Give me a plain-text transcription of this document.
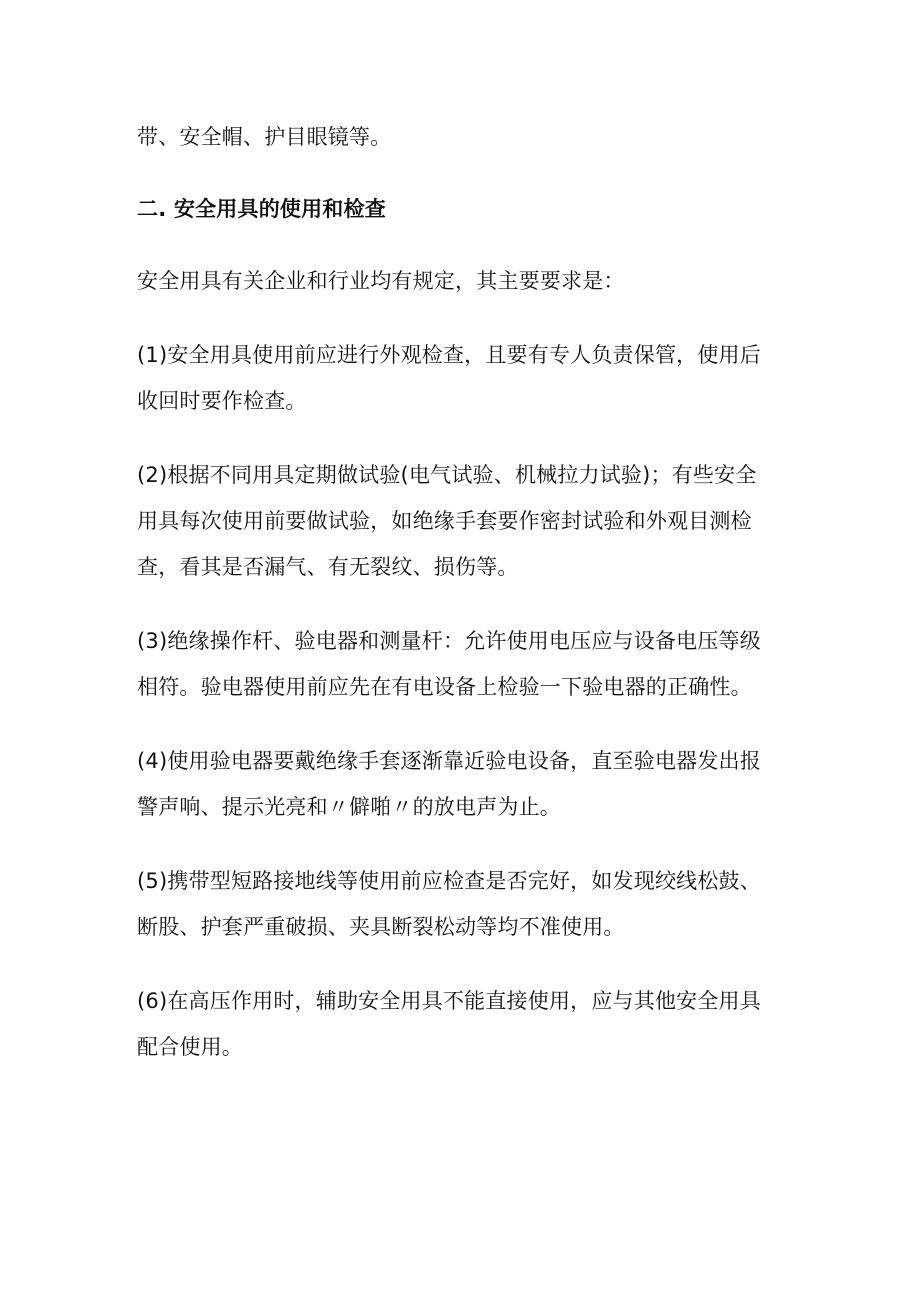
带、安全帽、护目眼镜等。

二. 安全用具的使用和检查

安全用具有关企业和行业均有规定，其主要要求是：

(1)安全用具使用前应进行外观检查，且要有专人负责保管，使用后
收回时要作检查。

(2)根据不同用具定期做试验(电气试验、机械拉力试验)；有些安全
用具每次使用前要做试验，如绝缘手套要作密封试验和外观目测检
查，看其是否漏气、有无裂纹、损伤等。

(3)绝缘操作杆、验电器和测量杆：允许使用电压应与设备电压等级
相符。验电器使用前应先在有电设备上检验一下验电器的正确性。

(4)使用验电器要戴绝缘手套逐渐靠近验电设备，直至验电器发出报
警声响、提示光亮和〃僻啪〃的放电声为止。

(5)携带型短路接地线等使用前应检查是否完好，如发现绞线松鼓、
断股、护套严重破损、夹具断裂松动等均不准使用。

(6)在高压作用时，辅助安全用具不能直接使用，应与其他安全用具
配合使用。
